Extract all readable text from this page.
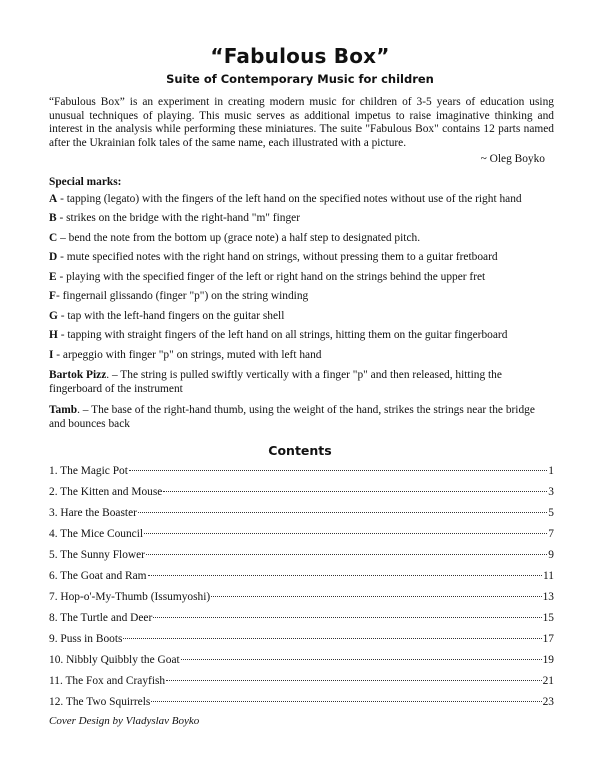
“Fabulous Box”
Suite of Contemporary Music for children
“Fabulous Box” is an experiment in creating modern music for children of 3-5 years of education using unusual techniques of playing. This music serves as additional impetus to raise imaginative thinking and interest in the analysis while performing these miniatures. The suite "Fabulous Box" contains 12 parts named after the Ukrainian folk tales of the same name, each illustrated with a picture.
~ Oleg Boyko
Special marks:
A - tapping (legato) with the fingers of the left hand on the specified notes without use of the right hand
B - strikes on the bridge with the right-hand "m" finger
C – bend the note from the bottom up (grace note) a half step to designated pitch.
D - mute specified notes with the right hand on strings, without pressing them to a guitar fretboard
E - playing with the specified finger of the left or right hand on the strings behind the upper fret
F- fingernail glissando (finger "p") on the string winding
G - tap with the left-hand fingers on the guitar shell
H - tapping with straight fingers of the left hand on all strings, hitting them on the guitar fingerboard
I - arpeggio with finger "p" on strings, muted with left hand
Bartok Pizz. – The string is pulled swiftly vertically with a finger "p" and then released, hitting the fingerboard of the instrument
Tamb. – The base of the right-hand thumb, using the weight of the hand, strikes the strings near the bridge and bounces back
Contents
1. The Magic Pot	1
2. The Kitten and Mouse	3
3. Hare the Boaster	5
4. The Mice Council	7
5. The Sunny Flower	9
6. The Goat and Ram	11
7. Hop-o'-My-Thumb (Issumyoshi)	13
8. The Turtle and Deer	15
9. Puss in Boots	17
10. Nibbly Quibbly the Goat	19
11. The Fox and Crayfish	21
12. The Two Squirrels	23
Cover Design by Vladyslav Boyko
